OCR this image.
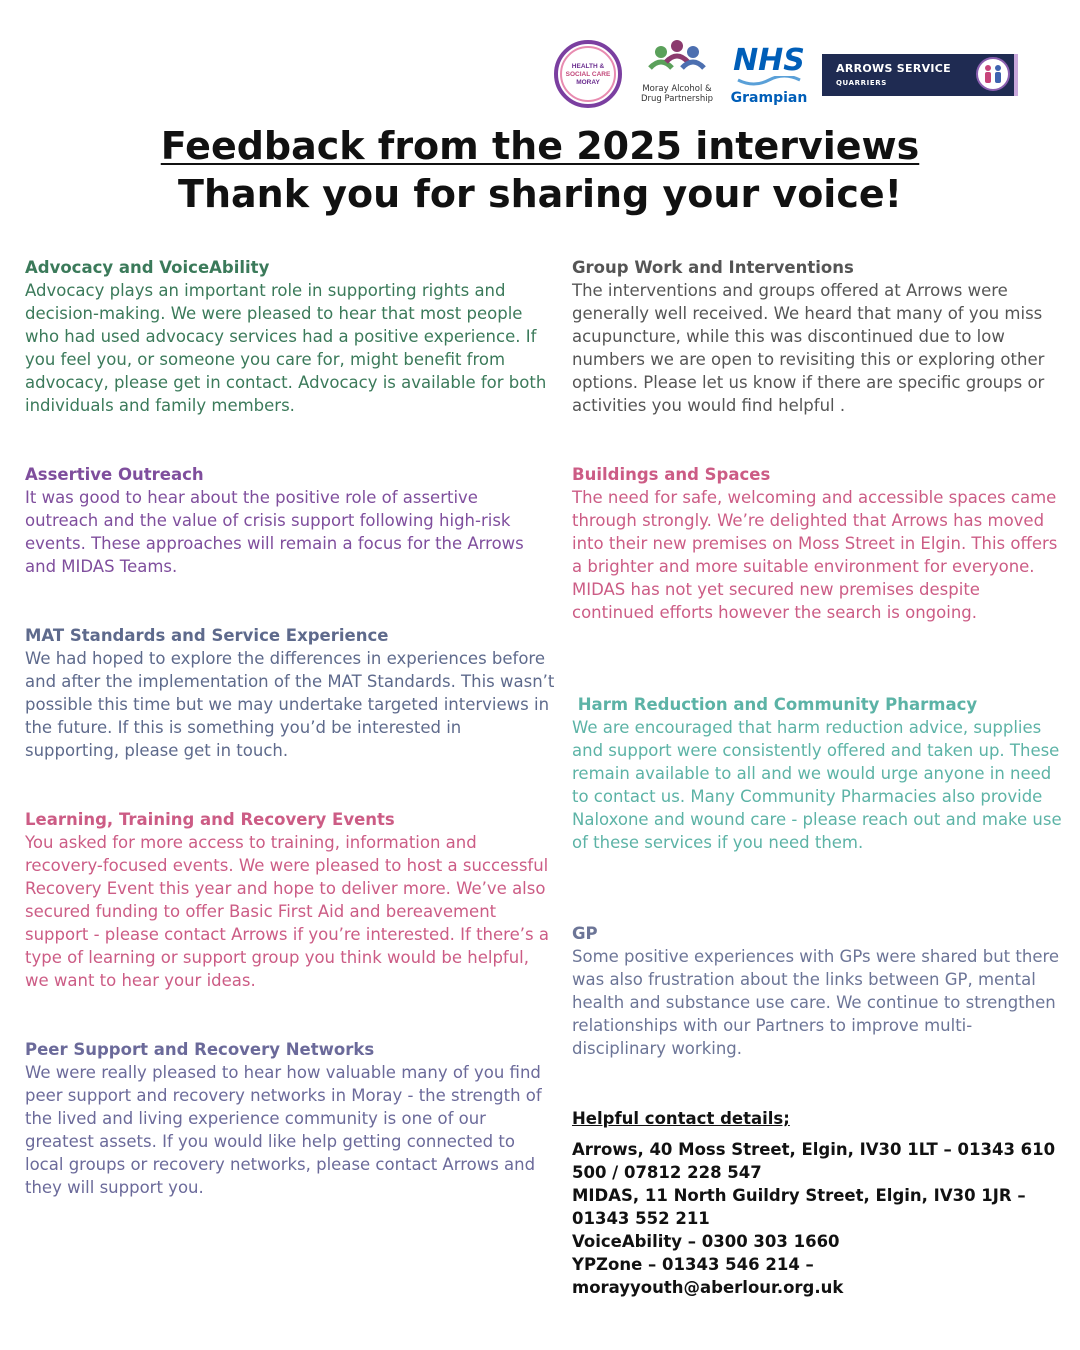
HEALTH &
SOCIAL CARE
MORAY
Moray Alcohol & Drug Partnership
NHS
Grampian
ARROWS SERVICE
QUARRIERS
Feedback from the 2025 interviews
Thank you for sharing your voice!
Advocacy and VoiceAbility

Advocacy plays an important role in supporting rights and decision-making. We were pleased to hear that most people who had used advocacy services had a positive experience. If you feel you, or someone you care for, might benefit from advocacy, please get in contact. Advocacy is available for both individuals and family members.

Assertive Outreach

It was good to hear about the positive role of assertive outreach and the value of crisis support following high-risk events. These approaches will remain a focus for the Arrows and MIDAS Teams.

MAT Standards and Service Experience

We had hoped to explore the differences in experiences before and after the implementation of the MAT Standards. This wasn’t possible this time but we may undertake targeted interviews in the future. If this is something you’d be interested in supporting, please get in touch.

Learning, Training and Recovery Events

You asked for more access to training, information and recovery-focused events. We were pleased to host a successful Recovery Event this year and hope to deliver more. We’ve also secured funding to offer Basic First Aid and bereavement support - please contact Arrows if you’re interested. If there’s a type of learning or support group you think would be helpful, we want to hear your ideas.

Peer Support and Recovery Networks

We were really pleased to hear how valuable many of you find peer support and recovery networks in Moray - the strength of the lived and living experience community is one of our greatest assets. If you would like help getting connected to local groups or recovery networks, please contact Arrows and they will support you.

Group Work and Interventions

The interventions and groups offered at Arrows were generally well received. We heard that many of you miss acupuncture, while this was discontinued due to low numbers we are open to revisiting this or exploring other options. Please let us know if there are specific groups or activities you would find helpful .

Buildings and Spaces

The need for safe, welcoming and accessible spaces came through strongly. We’re delighted that Arrows has moved into their new premises on Moss Street in Elgin. This offers a brighter and more suitable environment for everyone. MIDAS has not yet secured new premises despite continued efforts however the search is ongoing.

Harm Reduction and Community Pharmacy

We are encouraged that harm reduction advice, supplies and support were consistently offered and taken up. These remain available to all and we would urge anyone in need to contact us. Many Community Pharmacies also provide Naloxone and wound care - please reach out and make use of these services if you need them.

GP

Some positive experiences with GPs were shared but there was also frustration about the links between GP, mental health and substance use care. We continue to strengthen relationships with our Partners to improve multi-disciplinary working.

Helpful contact details;
Arrows, 40 Moss Street, Elgin, IV30 1LT – 01343 610 500 / 07812 228 547
MIDAS, 11 North Guildry Street, Elgin, IV30 1JR – 01343 552 211
VoiceAbility – 0300 303 1660
YPZone – 01343 546 214 – morayyouth@aberlour.org.uk
